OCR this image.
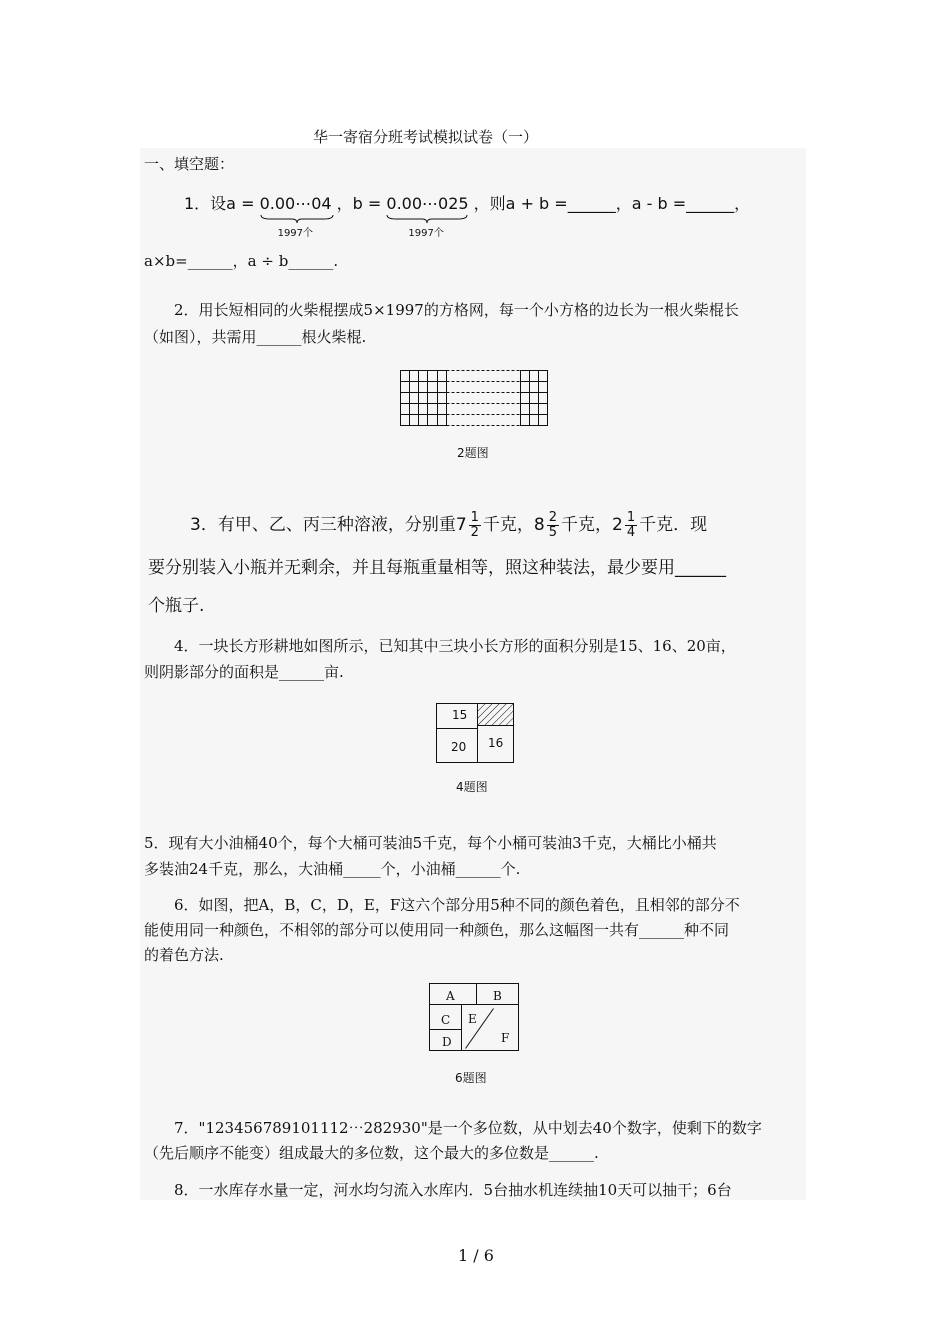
华一寄宿分班考试模拟试卷（一）
一、填空题：
1．设a = 0.00⋯04
1997个
，b = 0.00⋯025
1997个
，则a + b =______，a - b =______，
a×b=______，a ÷ b______.
2．用长短相同的火柴棍摆成5×1997的方格网，每一个小方格的边长为一根火柴棍长
（如图），共需用______根火柴棍.
2题图
3．有甲、乙、丙三种溶液，分别重$7 \frac{1}{2}$ 千克，$8 \frac{2}{5}$ 千克，$2 \frac{1}{4}$ 千克．现
要分别装入小瓶并无剩余，并且每瓶重量相等，照这种装法，最少要用______
个瓶子.
4．一块长方形耕地如图所示，已知其中三块小长方形的面积分别是15、16、20亩，
则阴影部分的面积是______亩.
15
20 16
4题图
5．现有大小油桶40个，每个大桶可装油5千克，每个小桶可装油3千克，大桶比小桶共
多装油24千克，那么，大油桶_____个，小油桶______个.
6．如图，把A，B，C，D，E，F这六个部分用5种不同的颜色着色，且相邻的部分不
能使用同一种颜色，不相邻的部分可以使用同一种颜色，那么这幅图一共有______种不同
的着色方法.
A	B
C
D
E
F
6题图
7．"123456789101112⋯282930"是一个多位数，从中划去40个数字，使剩下的数字
（先后顺序不能变）组成最大的多位数，这个最大的多位数是______.
8．一水库存水量一定，河水均匀流入水库内．5台抽水机连续抽10天可以抽干；6台
1 / 6
